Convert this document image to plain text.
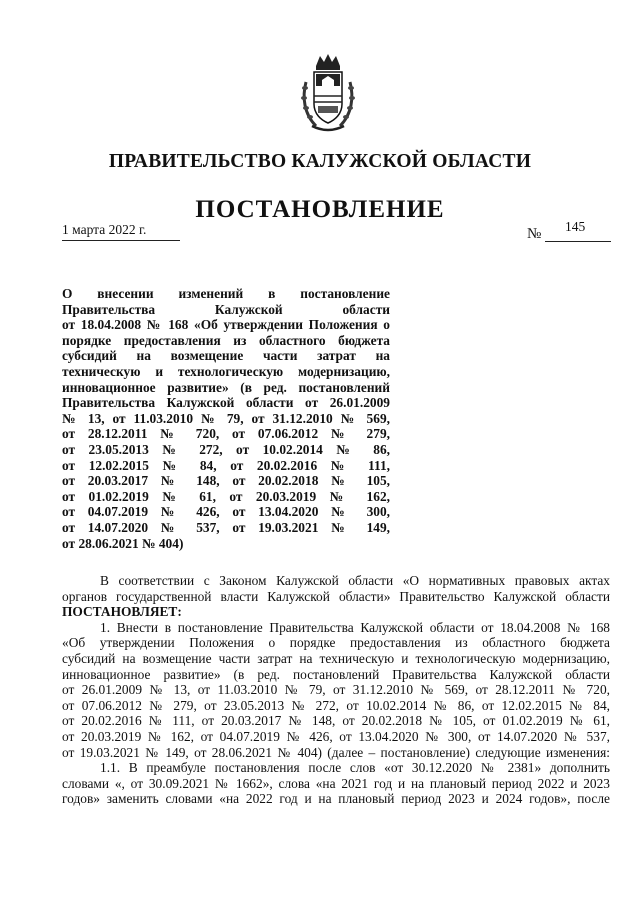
ПРАВИТЕЛЬСТВО КАЛУЖСКОЙ ОБЛАСТИ
ПОСТАНОВЛЕНИЕ
1 марта 2022 г.	№ 145
О внесении изменений в постановление
Правительства Калужской области
от 18.04.2008 № 168 «Об утверждении Положения о
порядке предоставления из областного бюджета
субсидий на возмещение части затрат на
техническую и технологическую модернизацию,
инновационное развитие» (в ред. постановлений
Правительства Калужской области от 26.01.2009
№ 13, от 11.03.2010 № 79, от 31.12.2010 № 569,
от 28.12.2011 № 720, от 07.06.2012 № 279,
от 23.05.2013 № 272, от 10.02.2014 № 86,
от 12.02.2015 № 84, от 20.02.2016 № 111,
от 20.03.2017 № 148, от 20.02.2018 № 105,
от 01.02.2019 № 61, от 20.03.2019 № 162,
от 04.07.2019 № 426, от 13.04.2020 № 300,
от 14.07.2020 № 537, от 19.03.2021 № 149,
от 28.06.2021 № 404)
В соответствии с Законом Калужской области «О нормативных правовых актах
органов государственной власти Калужской области» Правительство Калужской области
ПОСТАНОВЛЯЕТ:
1. Внести в постановление Правительства Калужской области от 18.04.2008 № 168
«Об утверждении Положения о порядке предоставления из областного бюджета
субсидий на возмещение части затрат на техническую и технологическую модернизацию,
инновационное развитие» (в ред. постановлений Правительства Калужской области
от 26.01.2009 № 13, от 11.03.2010 № 79, от 31.12.2010 № 569, от 28.12.2011 № 720,
от 07.06.2012 № 279, от 23.05.2013 № 272, от 10.02.2014 № 86, от 12.02.2015 № 84,
от 20.02.2016 № 111, от 20.03.2017 № 148, от 20.02.2018 № 105, от 01.02.2019 № 61,
от 20.03.2019 № 162, от 04.07.2019 № 426, от 13.04.2020 № 300, от 14.07.2020 № 537,
от 19.03.2021 № 149, от 28.06.2021 № 404) (далее – постановление) следующие изменения:
1.1. В преамбуле постановления после слов «от 30.12.2020 № 2381» дополнить
словами «, от 30.09.2021 № 1662», слова «на 2021 год и на плановый период 2022 и 2023
годов» заменить словами «на 2022 год и на плановый период 2023 и 2024 годов», после
